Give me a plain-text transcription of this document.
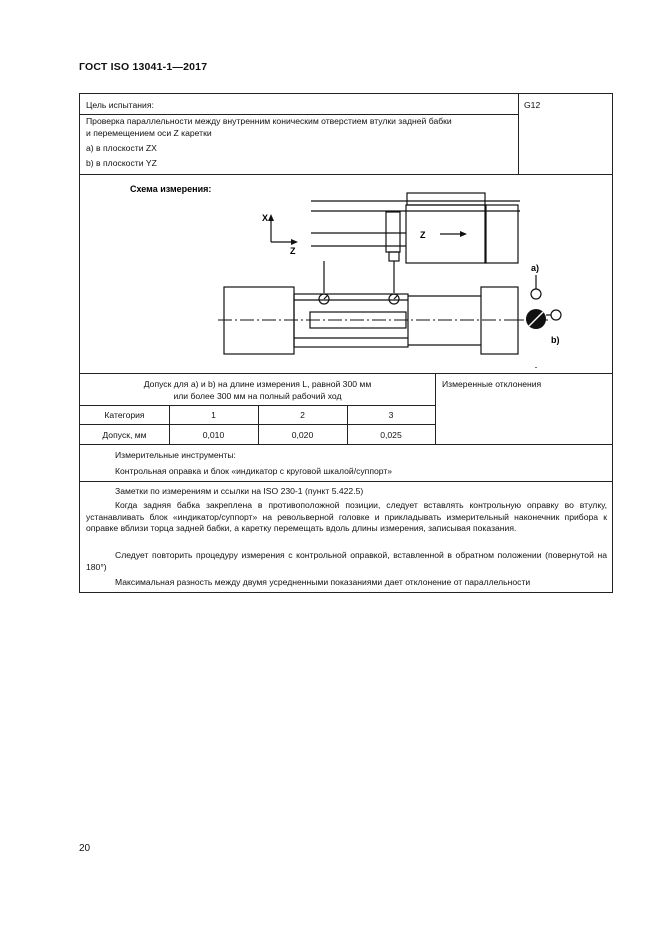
ГОСТ ISO 13041-1—2017
Цель испытания:	G12
Проверка параллельности между внутренним коническим отверстием втулки задней бабки
и перемещением оси Z каретки
a) в плоскости ZX
b) в плоскости YZ
Схема измерения:
X
Z
Z
a)
b)
Допуск для a) и b) на длине измерения L, равной 300 мм
или более 300 мм на полный рабочий ход
Измеренные отклонения
Категория	1	2	3
Допуск, мм	0,010	0,020	0,025
Измерительные инструменты:
Контрольная оправка и блок «индикатор с круговой шкалой/суппорт»
Заметки по измерениям и ссылки на ISO 230-1 (пункт 5.422.5)
Когда задняя бабка закреплена в противоположной позиции, следует вставлять контрольную оправку во втулку, устанавливать блок «индикатор/суппорт» на револьверной головке и прикладывать измерительный наконечник прибора к оправке вблизи торца задней бабки, а каретку перемещать вдоль длины измерения, записывая показания.
Следует повторить процедуру измерения с контрольной оправкой, вставленной в обратном положении (повернутой на 180°)
Максимальная разность между двумя усредненными показаниями дает отклонение от параллельности
20
